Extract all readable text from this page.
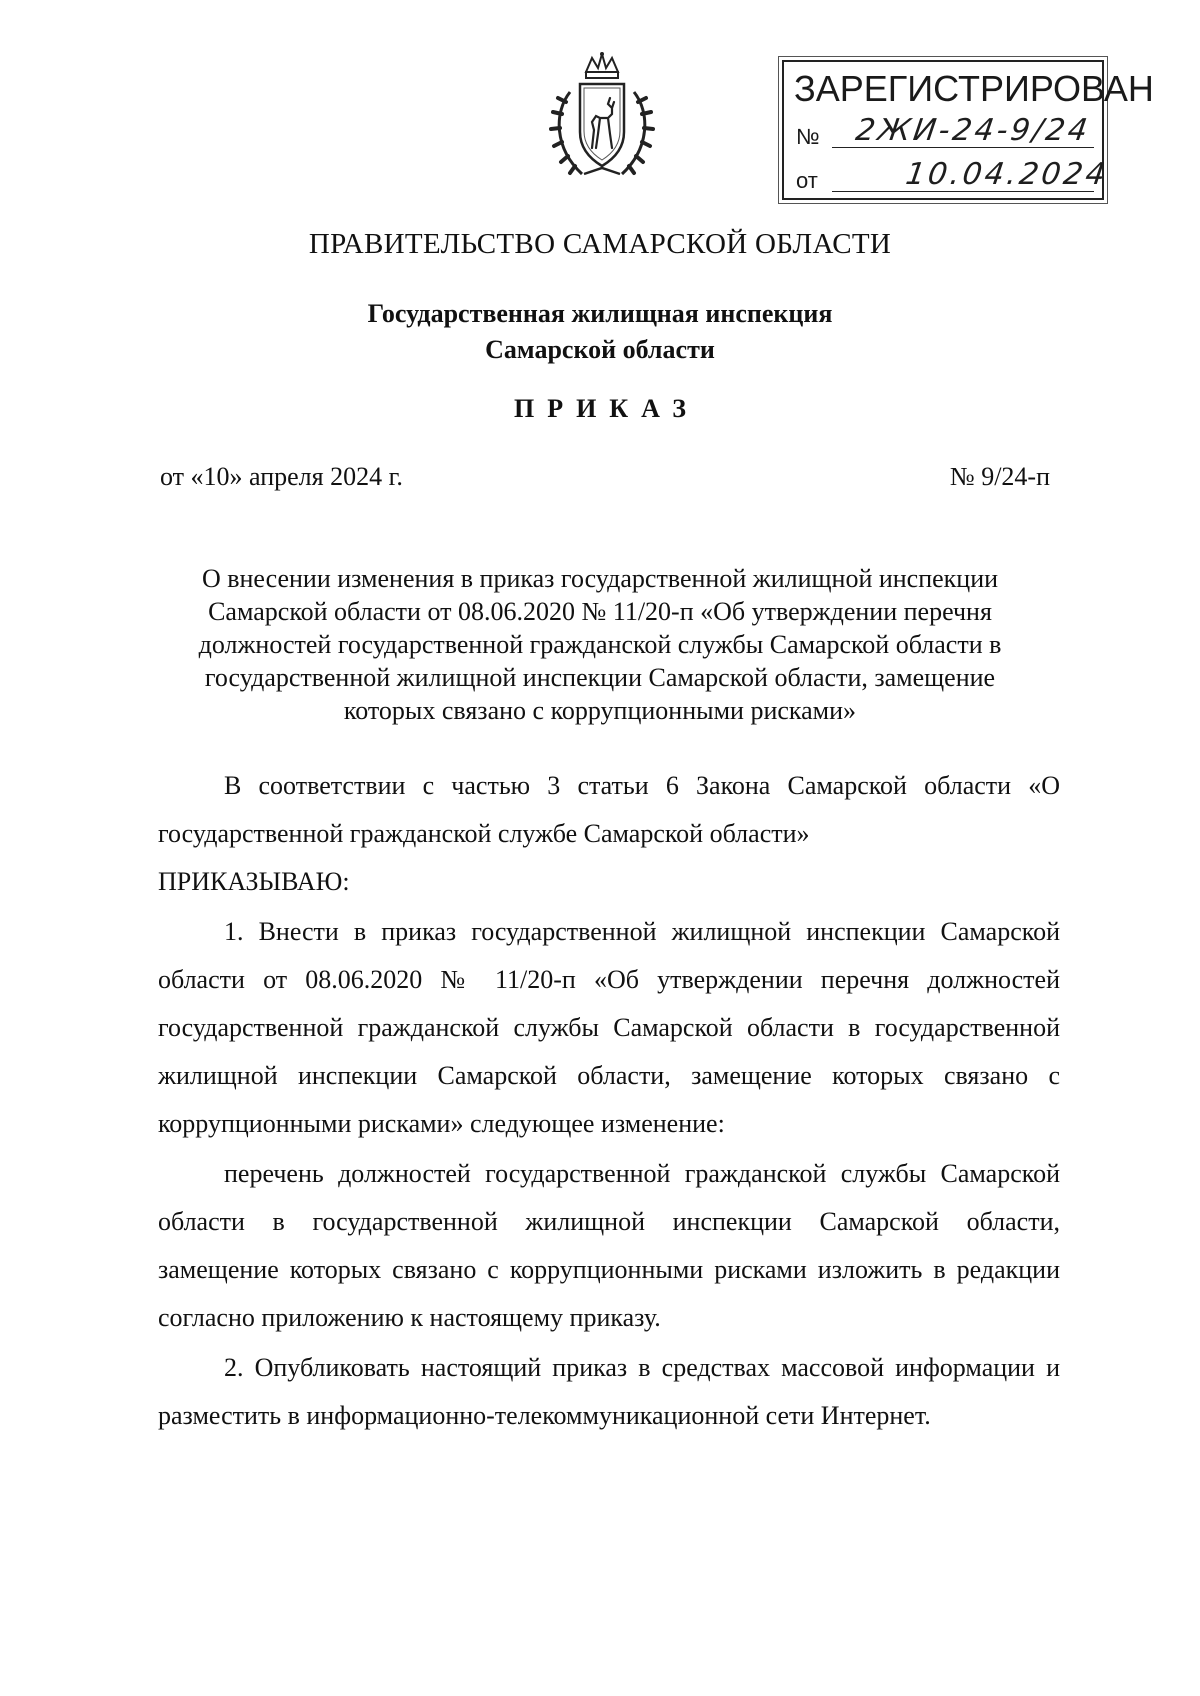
ЗАРЕГИСТРИРОВАН
№ 2ЖИ-24-9/24
от	10.04.2024
ПРАВИТЕЛЬСТВО САМАРСКОЙ ОБЛАСТИ
Государственная жилищная инспекция
Самарской области
ПРИКАЗ
от «10» апреля 2024 г.	№ 9/24-п
О внесении изменения в приказ государственной жилищной инспекции
Самарской области от 08.06.2020 № 11/20-п «Об утверждении перечня
должностей государственной гражданской службы Самарской области в
государственной жилищной инспекции Самарской области, замещение
которых связано с коррупционными рисками»

В соответствии с частью 3 статьи 6 Закона Самарской области «О государственной гражданской службе Самарской области»

ПРИКАЗЫВАЮ:

1. Внести в приказ государственной жилищной инспекции Самарской области от 08.06.2020 № 11/20-п «Об утверждении перечня должностей государственной гражданской службы Самарской области в государственной жилищной инспекции Самарской области, замещение которых связано с коррупционными рисками» следующее изменение:

перечень должностей государственной гражданской службы Самарской области в государственной жилищной инспекции Самарской области, замещение которых связано с коррупционными рисками изложить в редакции согласно приложению к настоящему приказу.

2. Опубликовать настоящий приказ в средствах массовой информации и разместить в информационно-телекоммуникационной сети Интернет.
